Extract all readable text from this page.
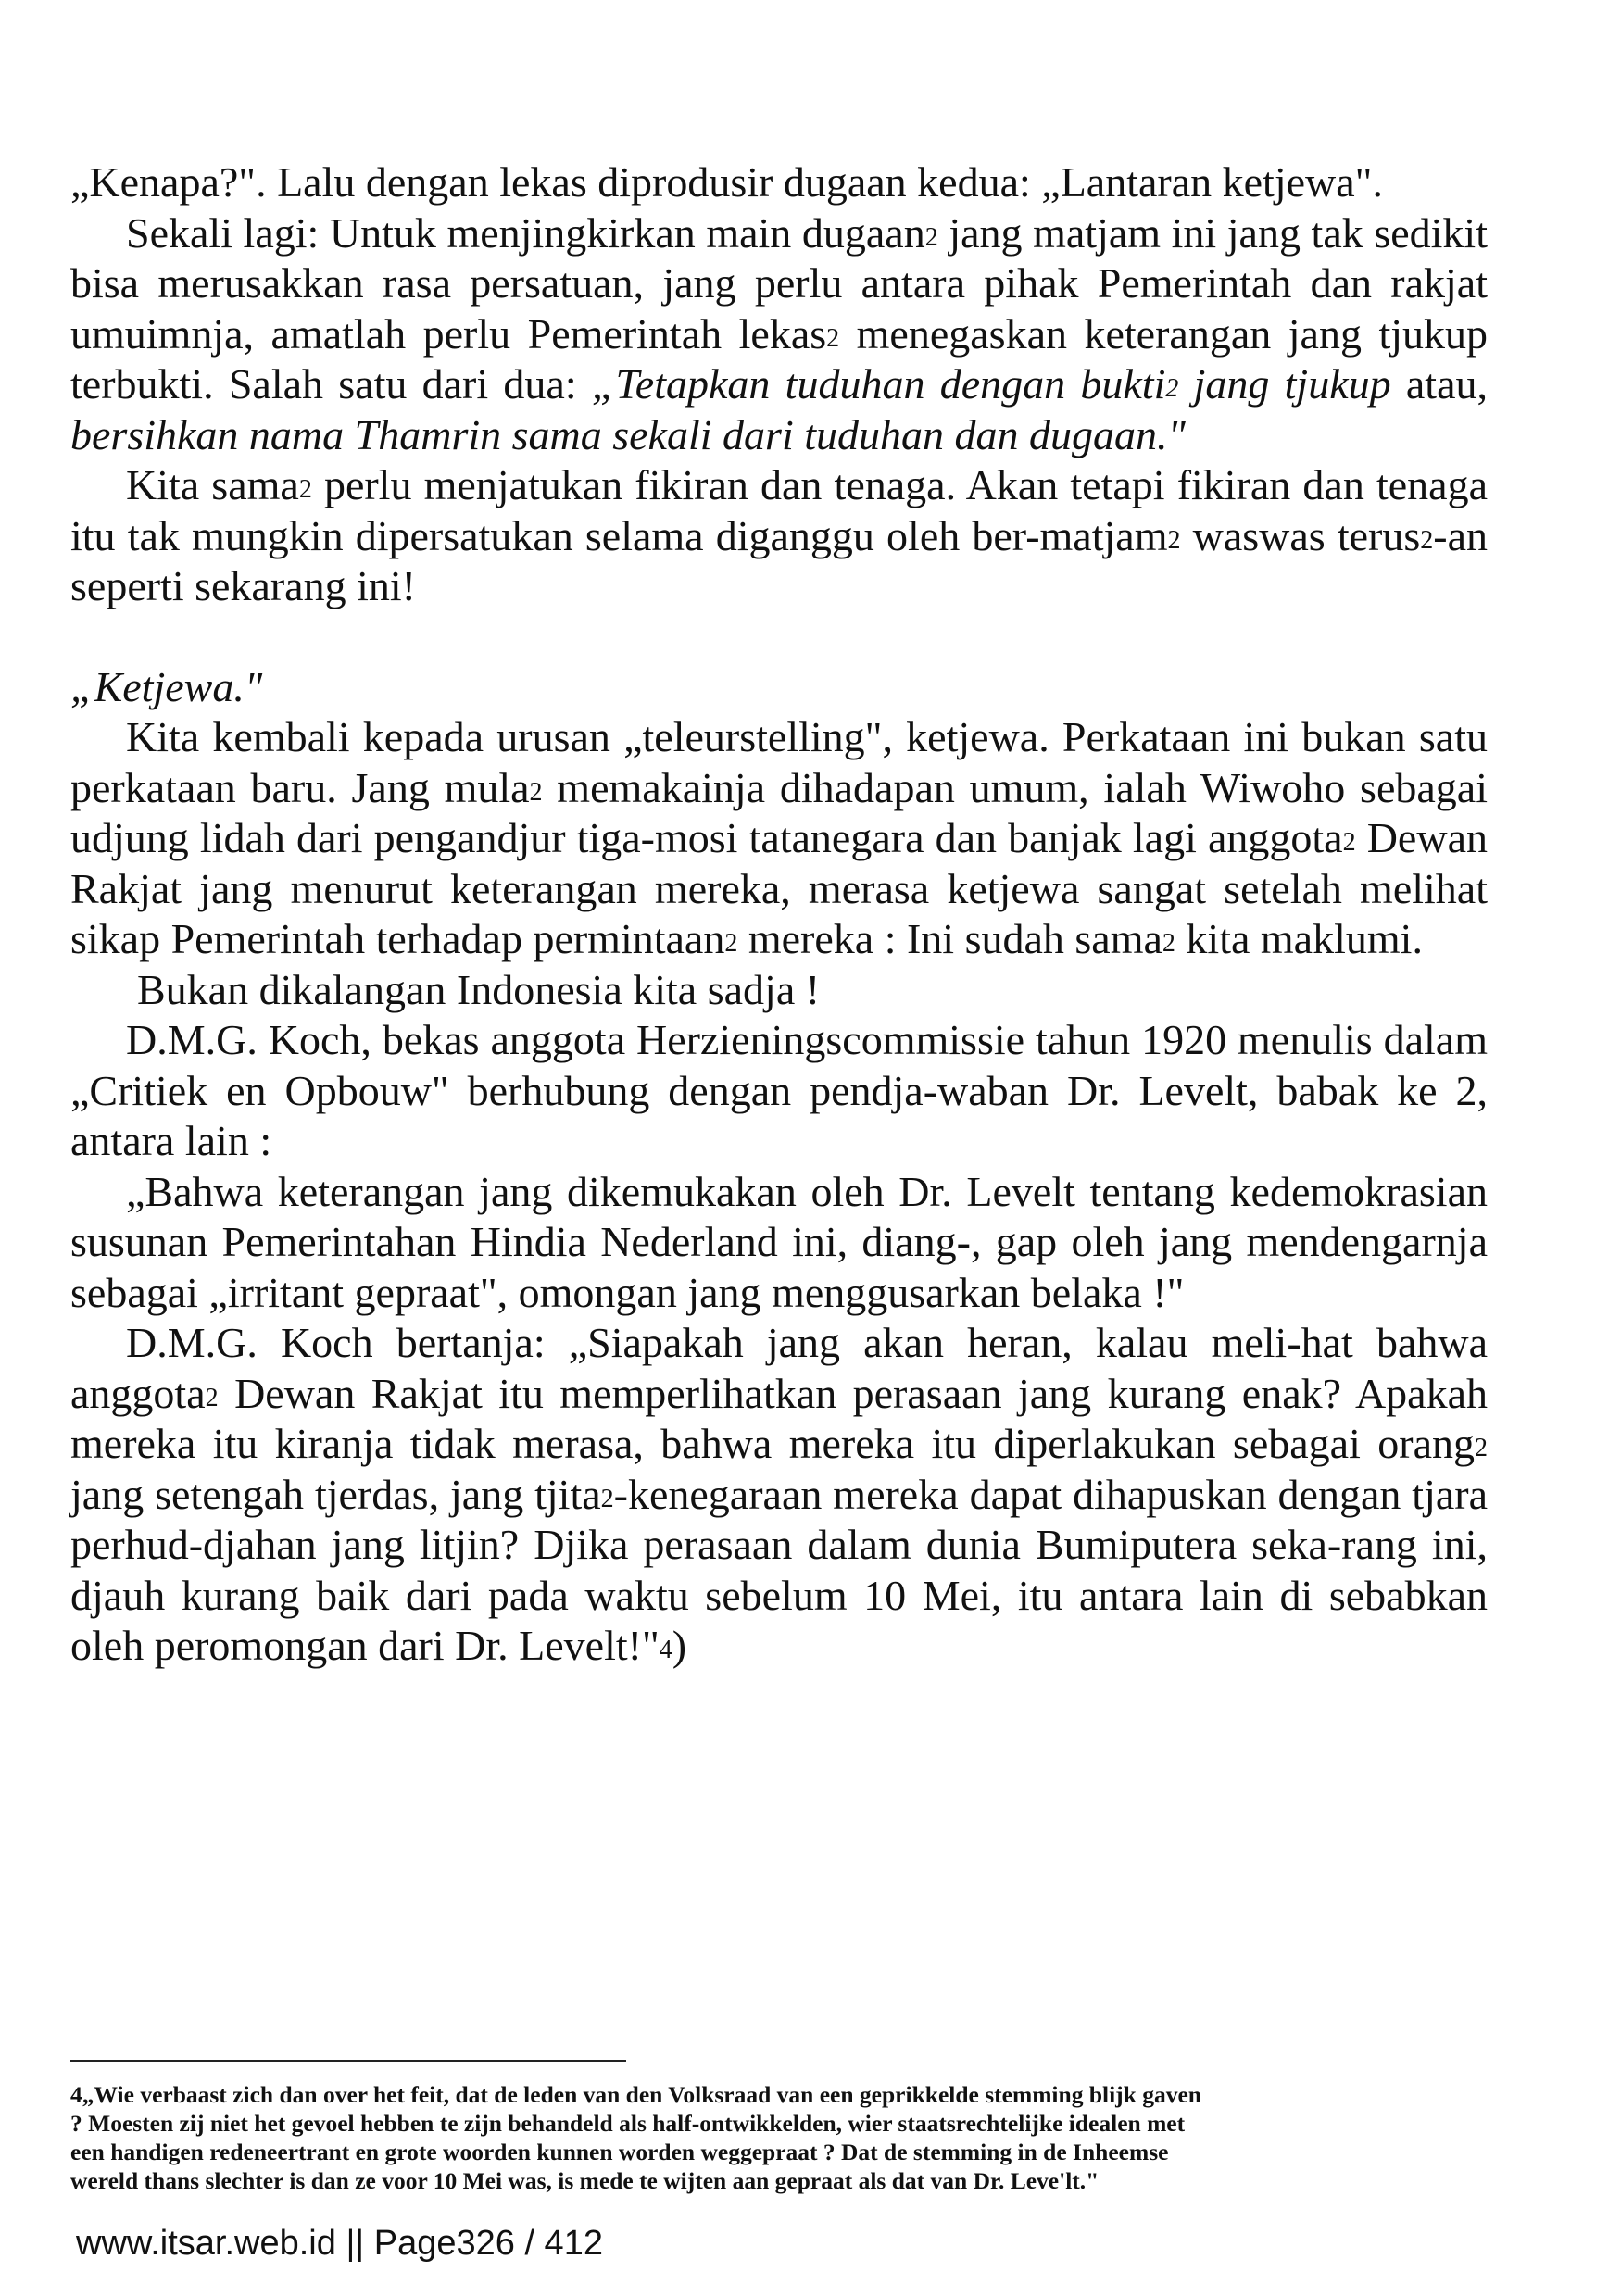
„Kenapa?". Lalu dengan lekas diprodusir dugaan kedua: „Lantaran ketjewa".

Sekali lagi: Untuk menjingkirkan main dugaan$^2$ jang matjam ini jang tak sedikit bisa merusakkan rasa persatuan, jang perlu antara pihak Pemerintah dan rakjat umuimnja, amatlah perlu Pemerintah lekas$^2$ menegaskan keterangan jang tjukup terbukti. Salah satu dari dua: „Tetapkan tuduhan dengan bukti$^2$ jang tjukup atau, bersihkan nama Thamrin sama sekali dari tuduhan dan dugaan."

Kita sama$^2$ perlu menjatukan fikiran dan tenaga. Akan tetapi fikiran dan tenaga itu tak mungkin dipersatukan selama diganggu oleh ber-matjam$^2$ waswas terus$^2$-an seperti sekarang ini!

„Ketjewa."

Kita kembali kepada urusan „teleurstelling", ketjewa. Perkataan ini bukan satu perkataan baru. Jang mula$^2$ memakainja dihadapan umum, ialah Wiwoho sebagai udjung lidah dari pengandjur tiga-mosi tatanegara dan banjak lagi anggota$^2$ Dewan Rakjat jang menurut keterangan mereka, merasa ketjewa sangat setelah melihat sikap Pemerintah terhadap permintaan$^2$ mereka : Ini sudah sama$^2$ kita maklumi.

Bukan dikalangan Indonesia kita sadja !

D.M.G. Koch, bekas anggota Herzieningscommissie tahun 1920 menulis dalam „Critiek en Opbouw" berhubung dengan pendja-waban Dr. Levelt, babak ke 2, antara lain :

„Bahwa keterangan jang dikemukakan oleh Dr. Levelt tentang kedemokrasian susunan Pemerintahan Hindia Nederland ini, diang-, gap oleh jang mendengarnja sebagai „irritant gepraat", omongan jang menggusarkan belaka !"

D.M.G. Koch bertanja: „Siapakah jang akan heran, kalau meli-hat bahwa anggota$^2$ Dewan Rakjat itu memperlihatkan perasaan jang kurang enak? Apakah mereka itu kiranja tidak merasa, bahwa mereka itu diperlakukan sebagai orang$^2$ jang setengah tjerdas, jang tjita$^2$-kenegaraan mereka dapat dihapuskan dengan tjara perhud-djahan jang litjin? Djika perasaan dalam dunia Bumiputera seka-rang ini, djauh kurang baik dari pada waktu sebelum 10 Mei, itu antara lain di sebabkan oleh peromongan dari Dr. Levelt!"$^4$)

4„Wie verbaast zich dan over het feit, dat de leden van den Volksraad van een geprikkelde stemming blijk gaven ? Moesten zij niet het gevoel hebben te zijn behandeld als half-ontwikkelden, wier staatsrechtelijke idealen met een handigen redeneertrant en grote woorden kunnen worden weggepraat ? Dat de stemming in de Inheemse wereld thans slechter is dan ze voor 10 Mei was, is mede te wijten aan gepraat als dat van Dr. Leve'lt."
www.itsar.web.id || Page326 / 412
